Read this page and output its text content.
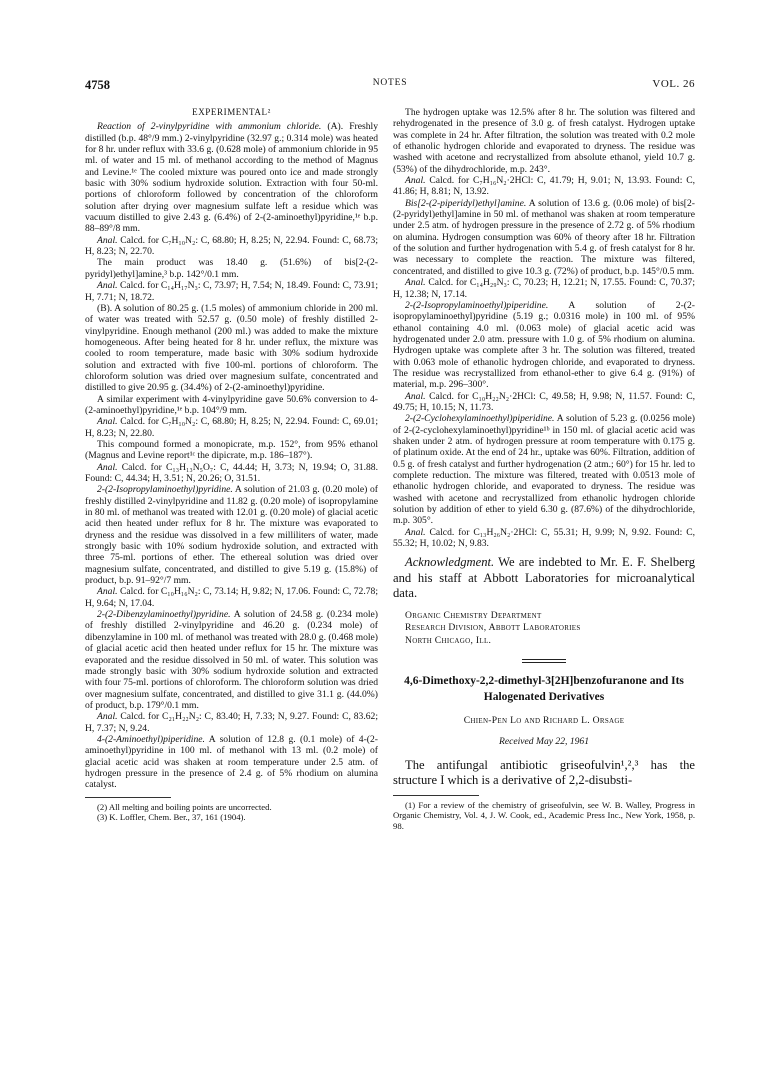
4758	NOTES	VOL. 26

EXPERIMENTAL²

Reaction of 2-vinylpyridine with ammonium chloride. (A). Freshly distilled (b.p. 48°/9 mm.) 2-vinylpyridine (32.97 g.; 0.314 mole) was heated for 8 hr. under reflux with 33.6 g. (0.628 mole) of ammonium chloride in 95 ml. of water and 15 ml. of methanol according to the method of Magnus and Levine.¹ᵉ The cooled mixture was poured onto ice and made strongly basic with 30% sodium hydroxide solution. Extraction with four 50-ml. portions of chloroform followed by concentration of the chloroform solution after drying over magnesium sulfate left a residue which was vacuum distilled to give 2.43 g. (6.4%) of 2-(2-aminoethyl)pyridine,¹ᵉ b.p. 88–89°/8 mm.

Anal. Calcd. for C₇H₁₀N₂: C, 68.80; H, 8.25; N, 22.94. Found: C, 68.73; H, 8.23; N, 22.70.

The main product was 18.40 g. (51.6%) of bis[2-(2-pyridyl)ethyl]amine,³ b.p. 142°/0.1 mm.

Anal. Calcd. for C₁₄H₁₇N₃: C, 73.97; H, 7.54; N, 18.49. Found: C, 73.91; H, 7.71; N, 18.72.

(B). A solution of 80.25 g. (1.5 moles) of ammonium chloride in 200 ml. of water was treated with 52.57 g. (0.50 mole) of freshly distilled 2-vinylpyridine. Enough methanol (200 ml.) was added to make the mixture homogeneous. After being heated for 8 hr. under reflux, the mixture was cooled to room temperature, made basic with 30% sodium hydroxide solution and extracted with five 100-ml. portions of chloroform. The chloroform solution was dried over magnesium sulfate, concentrated and distilled to give 20.95 g. (34.4%) of 2-(2-aminoethyl)pyridine.

A similar experiment with 4-vinylpyridine gave 50.6% conversion to 4-(2-aminoethyl)pyridine,¹ᵉ b.p. 104°/9 mm.

Anal. Calcd. for C₇H₁₀N₂: C, 68.80; H, 8.25; N, 22.94. Found: C, 69.01; H, 8.23; N, 22.80.

This compound formed a monopicrate, m.p. 152°, from 95% ethanol (Magnus and Levine report¹ᶜ the dipicrate, m.p. 186–187°).

Anal. Calcd. for C₁₃H₁₃N₅O₇: C, 44.44; H, 3.73; N, 19.94; O, 31.88. Found: C, 44.34; H, 3.51; N, 20.26; O, 31.51.

2-(2-Isopropylaminoethyl)pyridine. A solution of 21.03 g. (0.20 mole) of freshly distilled 2-vinylpyridine and 11.82 g. (0.20 mole) of isopropylamine in 80 ml. of methanol was treated with 12.01 g. (0.20 mole) of glacial acetic acid then heated under reflux for 8 hr. The mixture was evaporated to dryness and the residue was dissolved in a few milliliters of water, made strongly basic with 10% sodium hydroxide solution, and extracted with three 75-ml. portions of ether. The ethereal solution was dried over magnesium sulfate, concentrated, and distilled to give 5.19 g. (15.8%) of product, b.p. 91–92°/7 mm.

Anal. Calcd. for C₁₀H₁₆N₂: C, 73.14; H, 9.82; N, 17.06. Found: C, 72.78; H, 9.64; N, 17.04.

2-(2-Dibenzylaminoethyl)pyridine. A solution of 24.58 g. (0.234 mole) of freshly distilled 2-vinylpyridine and 46.20 g. (0.234 mole) of dibenzylamine in 100 ml. of methanol was treated with 28.0 g. (0.468 mole) of glacial acetic acid then heated under reflux for 15 hr. The mixture was evaporated and the residue dissolved in 50 ml. of water. This solution was made strongly basic with 30% sodium hydroxide solution and extracted with four 75-ml. portions of chloroform. The chloroform solution was dried over magnesium sulfate, concentrated, and distilled to give 31.1 g. (44.0%) of product, b.p. 179°/0.1 mm.

Anal. Calcd. for C₂₁H₂₂N₂: C, 83.40; H, 7.33; N, 9.27. Found: C, 83.62; H, 7.37; N, 9.24.

4-(2-Aminoethyl)piperidine. A solution of 12.8 g. (0.1 mole) of 4-(2-aminoethyl)pyridine in 100 ml. of methanol with 13 ml. (0.2 mole) of glacial acetic acid was shaken at room temperature under 2.5 atm. of hydrogen pressure in the presence of 2.4 g. of 5% rhodium on alumina catalyst.

(2) All melting and boiling points are uncorrected.

(3) K. Loffler, Chem. Ber., 37, 161 (1904).

The hydrogen uptake was 12.5% after 8 hr. The solution was filtered and rehydrogenated in the presence of 3.0 g. of fresh catalyst. Hydrogen uptake was complete in 24 hr. After filtration, the solution was treated with 0.2 mole of ethanolic hydrogen chloride and evaporated to dryness. The residue was washed with acetone and recrystallized from absolute ethanol, yield 10.7 g. (53%) of the dihydrochloride, m.p. 243°.

Anal. Calcd. for C₇H₁₆N₂·2HCl: C, 41.79; H, 9.01; N, 13.93. Found: C, 41.86; H, 8.81; N, 13.92.

Bis[2-(2-piperidyl)ethyl]amine. A solution of 13.6 g. (0.06 mole) of bis[2-(2-pyridyl)ethyl]amine in 50 ml. of methanol was shaken at room temperature under 2.5 atm. of hydrogen pressure in the presence of 2.72 g. of 5% rhodium on alumina. Hydrogen consumption was 60% of theory after 18 hr. Filtration of the solution and further hydrogenation with 5.4 g. of fresh catalyst for 8 hr. was necessary to complete the reaction. The mixture was filtered, concentrated, and distilled to give 10.3 g. (72%) of product, b.p. 145°/0.5 mm.

Anal. Calcd. for C₁₄H₂₉N₃: C, 70.23; H, 12.21; N, 17.55. Found: C, 70.37; H, 12.38; N, 17.14.

2-(2-Isopropylaminoethyl)piperidine. A solution of 2-(2-isopropylaminoethyl)pyridine (5.19 g.; 0.0316 mole) in 100 ml. of 95% ethanol containing 4.0 ml. (0.063 mole) of glacial acetic acid was hydrogenated under 2.0 atm. pressure with 1.0 g. of 5% rhodium on alumina. Hydrogen uptake was complete after 3 hr. The solution was filtered, treated with 0.063 mole of ethanolic hydrogen chloride, and evaporated to dryness. The residue was recrystallized from ethanol-ether to give 6.4 g. (91%) of material, m.p. 296–300°.

Anal. Calcd. for C₁₀H₂₂N₂·2HCl: C, 49.58; H, 9.98; N, 11.57. Found: C, 49.75; H, 10.15; N, 11.73.

2-(2-Cyclohexylaminoethyl)piperidine. A solution of 5.23 g. (0.0256 mole) of 2-(2-cyclohexylaminoethyl)pyridine¹ᵇ in 150 ml. of glacial acetic acid was shaken under 2 atm. of hydrogen pressure at room temperature with 0.175 g. of platinum oxide. At the end of 24 hr., uptake was 60%. Filtration, addition of 0.5 g. of fresh catalyst and further hydrogenation (2 atm.; 60°) for 15 hr. led to complete reduction. The mixture was filtered, treated with 0.0513 mole of ethanolic hydrogen chloride, and evaporated to dryness. The residue was washed with acetone and recrystallized from ethanolic hydrogen chloride solution by addition of ether to yield 6.30 g. (87.6%) of the dihydrochloride, m.p. 305°.

Anal. Calcd. for C₁₃H₂₆N₂·2HCl: C, 55.31; H, 9.99; N, 9.92. Found: C, 55.32; H, 10.02; N, 9.83.

Acknowledgment. We are indebted to Mr. E. F. Shelberg and his staff at Abbott Laboratories for microanalytical data.

Organic Chemistry Department
Research Division, Abbott Laboratories
North Chicago, Ill.

4,6-Dimethoxy-2,2-dimethyl-3[2H]benzofuranone and Its Halogenated Derivatives

Chien-Pen Lo and Richard L. Orsage

Received May 22, 1961

The antifungal antibiotic griseofulvin¹,²,³ has the structure I which is a derivative of 2,2-disubsti-

(1) For a review of the chemistry of griseofulvin, see W. B. Walley, Progress in Organic Chemistry, Vol. 4, J. W. Cook, ed., Academic Press Inc., New York, 1958, p. 98.
